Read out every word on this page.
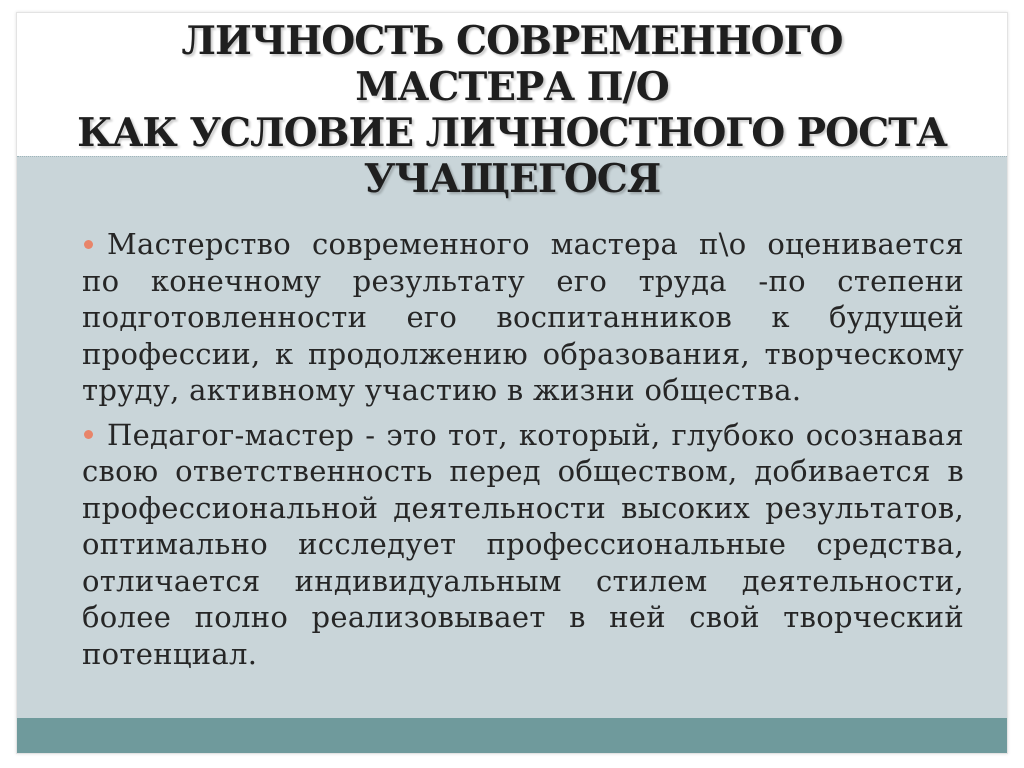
ЛИЧНОСТЬ СОВРЕМЕННОГО
МАСТЕРА П/О
КАК УСЛОВИЕ ЛИЧНОСТНОГО РОСТА
УЧАЩЕГОСЯ

Мастерство современного мастера п\о оценивается по конечному результату его труда -по степени подготовленности его воспитанников к будущей профессии, к продолжению образования, творческому труду, активному участию в жизни общества.

Педагог-мастер - это тот, который, глубоко осознавая свою ответственность перед обществом, добивается в профессиональной деятельности высоких результатов, оптимально исследует профессиональные средства, отличается индивидуальным стилем деятельности, более полно реализовывает в ней свой творческий потенциал.
